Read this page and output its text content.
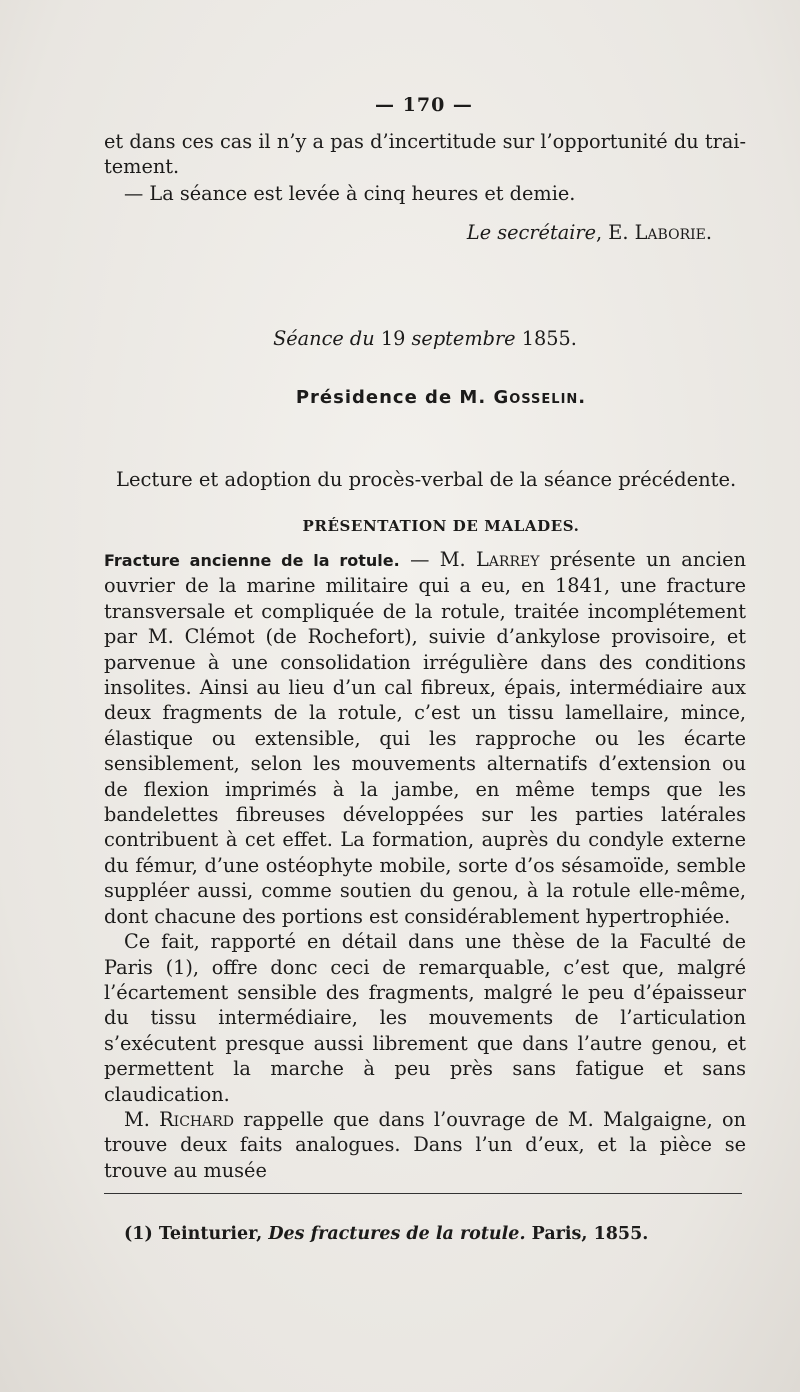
— 170 —

et dans ces cas il n’y a pas d’incertitude sur l’opportunité du trai-

tement.

— La séance est levée à cinq heures et demie.

Le secrétaire, E. Laborie.

Séance du 19 septembre 1855.

Présidence de M. Gosselin.

Lecture et adoption du procès-verbal de la séance précédente.

PRÉSENTATION DE MALADES.

Fracture ancienne de la rotule. — M. Larrey présente un ancien ouvrier de la marine militaire qui a eu, en 1841, une fracture transversale et compliquée de la rotule, traitée incomplétement par M. Clémot (de Rochefort), suivie d’ankylose provisoire, et parvenue à une consolidation irrégulière dans des conditions insolites. Ainsi au lieu d’un cal fibreux, épais, intermédiaire aux deux fragments de la rotule, c’est un tissu lamellaire, mince, élastique ou extensible, qui les rapproche ou les écarte sensiblement, selon les mouvements alternatifs d’extension ou de flexion imprimés à la jambe, en même temps que les bandelettes fibreuses développées sur les parties latérales contribuent à cet effet. La formation, auprès du condyle externe du fémur, d’une ostéophyte mobile, sorte d’os sésamoïde, semble suppléer aussi, comme soutien du genou, à la rotule elle-même, dont chacune des portions est considérablement hypertrophiée.

Ce fait, rapporté en détail dans une thèse de la Faculté de Paris (1), offre donc ceci de remarquable, c’est que, malgré l’écartement sensible des fragments, malgré le peu d’épaisseur du tissu intermédiaire, les mouvements de l’articulation s’exécutent presque aussi librement que dans l’autre genou, et permettent la marche à peu près sans fatigue et sans claudication.

M. Richard rappelle que dans l’ouvrage de M. Malgaigne, on trouve deux faits analogues. Dans l’un d’eux, et la pièce se trouve au musée

(1) Teinturier, Des fractures de la rotule. Paris, 1855.
